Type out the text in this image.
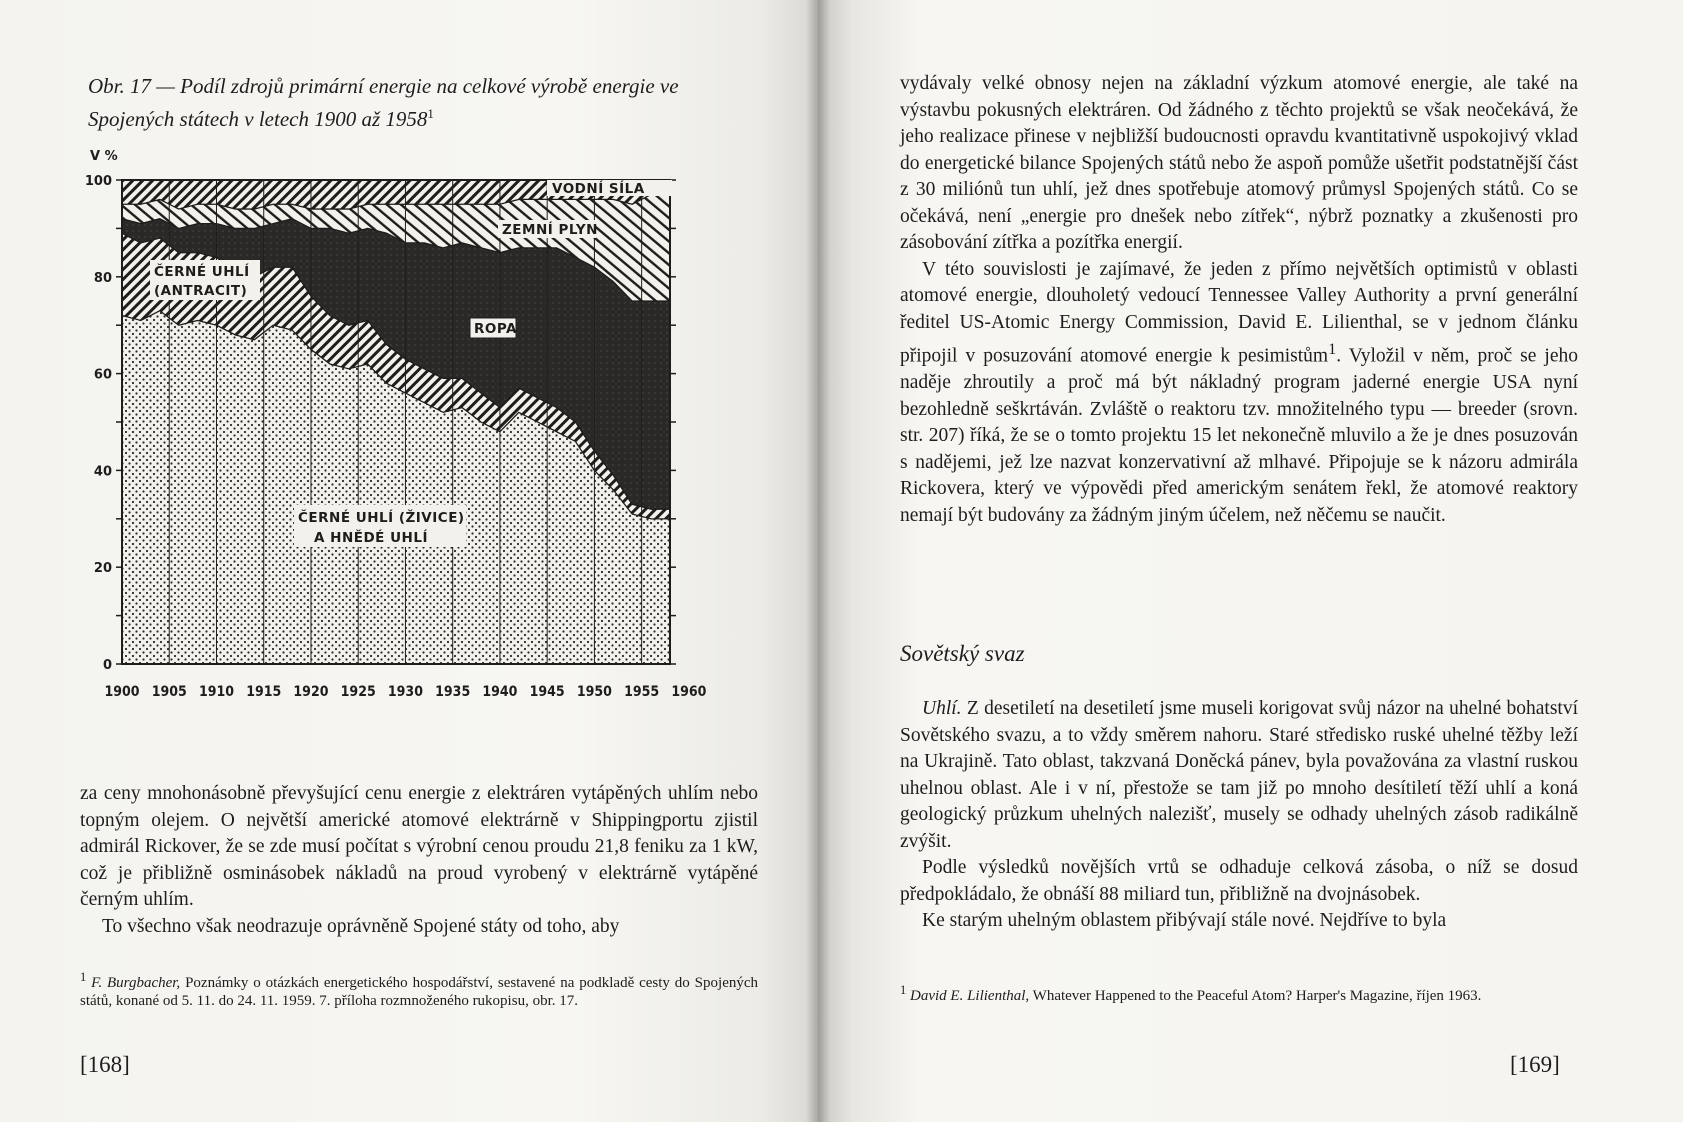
Obr. 17 — Podíl zdrojů primární energie na celkové výrobě energie ve Spojených státech v letech 1900 až 1958$^1$
V %
0
20
40
60
80
100
1900 1905 1910 1915 1920 1925 1930 1935 1940 1945 1950 1955 1960
VODNÍ SÍLA
ZEMNÍ PLYN
ROPA
ČERNÉ UHLÍ (ANTRACIT)
ČERNÉ UHLÍ (ŽIVICE) A HNĚDÉ UHLÍ

za ceny mnohonásobně převyšující cenu energie z elektráren vytápěných uhlím nebo topným olejem. O největší americké atomové elektrárně v Shippingportu zjistil admirál Rickover, že se zde musí počítat s výrobní cenou proudu 21,8 feniku za 1 kW, což je přibližně osminásobek nákladů na proud vyrobený v elektrárně vytápěné černým uhlím.

To všechno však neodrazuje oprávněně Spojené státy od toho, aby

$^1$ F. Burgbacher, Poznámky o otázkách energetického hospodářství, sestavené na podkladě cesty do Spojených států, konané od 5. 11. do 24. 11. 1959. 7. příloha rozmnoženého rukopisu, obr. 17.
[168]

vydávaly velké obnosy nejen na základní výzkum atomové energie, ale také na výstavbu pokusných elektráren. Od žádného z těchto projektů se však neočekává, že jeho realizace přinese v nejbližší budoucnosti opravdu kvantitativně uspokojivý vklad do energetické bilance Spojených států nebo že aspoň pomůže ušetřit podstatnější část z 30 miliónů tun uhlí, jež dnes spotřebuje atomový průmysl Spojených států. Co se očekává, není „energie pro dnešek nebo zítřek“, nýbrž poznatky a zkušenosti pro zásobování zítřka a pozítřka energií.

V této souvislosti je zajímavé, že jeden z přímo největších optimistů v oblasti atomové energie, dlouholetý vedoucí Tennessee Valley Authority a první generální ředitel US-Atomic Energy Commission, David E. Lilienthal, se v jednom článku připojil v posuzování atomové energie k pesimistům$^1$. Vyložil v něm, proč se jeho naděje zhroutily a proč má být nákladný program jaderné energie USA nyní bezohledně seškrtáván. Zvláště o reaktoru tzv. množitelného typu — breeder (srovn. str. 207) říká, že se o tomto projektu 15 let nekonečně mluvilo a že je dnes posuzován s nadějemi, jež lze nazvat konzervativní až mlhavé. Připojuje se k názoru admirála Rickovera, který ve výpovědi před americkým senátem řekl, že atomové reaktory nemají být budovány za žádným jiným účelem, než něčemu se naučit.

Sovětský svaz

Uhlí. Z desetiletí na desetiletí jsme museli korigovat svůj názor na uhelné bohatství Sovětského svazu, a to vždy směrem nahoru. Staré středisko ruské uhelné těžby leží na Ukrajině. Tato oblast, takzvaná Doněcká pánev, byla považována za vlastní ruskou uhelnou oblast. Ale i v ní, přestože se tam již po mnoho desítiletí těží uhlí a koná geologický průzkum uhelných nalezišť, musely se odhady uhelných zásob radikálně zvýšit.

Podle výsledků novějších vrtů se odhaduje celková zásoba, o níž se dosud předpokládalo, že obnáší 88 miliard tun, přibližně na dvojnásobek.

Ke starým uhelným oblastem přibývají stále nové. Nejdříve to byla

$^1$ David E. Lilienthal, Whatever Happened to the Peaceful Atom? Harper's Magazine, říjen 1963.
[169]
